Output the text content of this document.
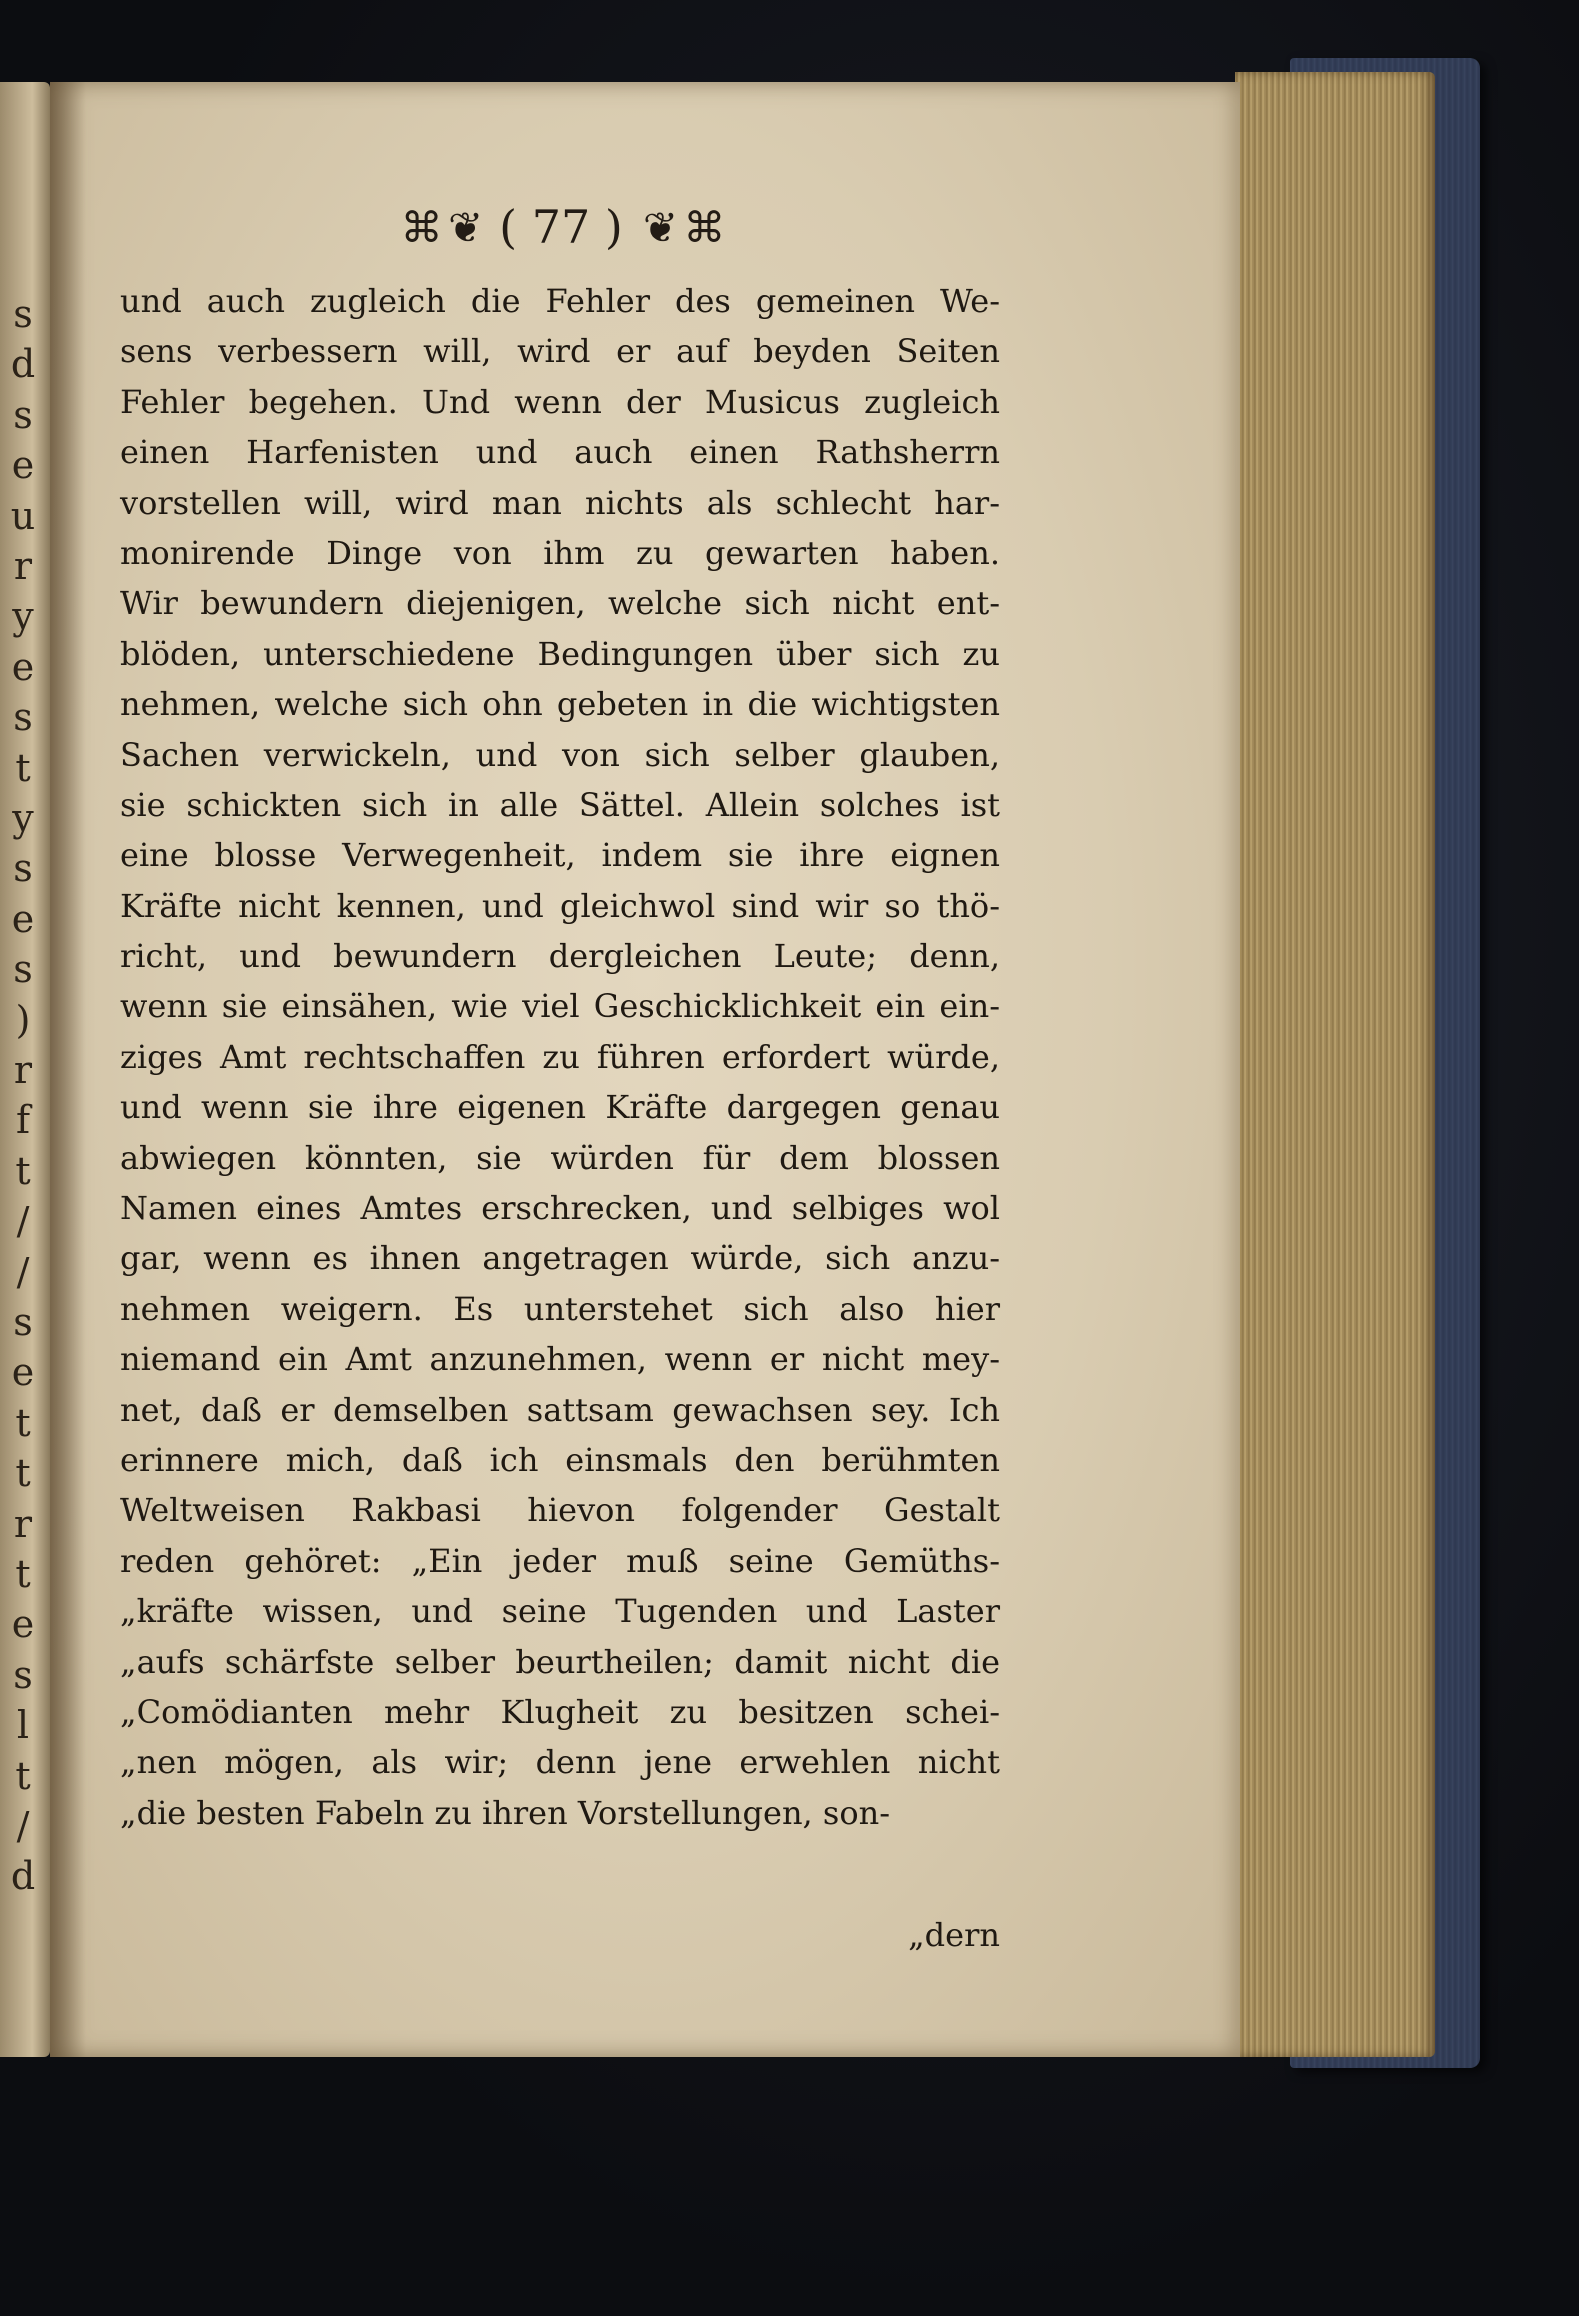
s
d
s
e
u
r
y
e
s
t
y
s
e
s
)
r
f
t
/
/
s
e
t
t
r
t
e
s
l
t
/
d
⌘ ❦ ( 77 ) ❦ ⌘
und auch zugleich die Fehler des gemeinen We-
sens verbessern will, wird er auf beyden Seiten
Fehler begehen. Und wenn der Musicus zugleich
einen Harfenisten und auch einen Rathsherrn
vorstellen will, wird man nichts als schlecht har-
monirende Dinge von ihm zu gewarten haben.
Wir bewundern diejenigen, welche sich nicht ent-
blöden, unterschiedene Bedingungen über sich zu
nehmen, welche sich ohn gebeten in die wichtigsten
Sachen verwickeln, und von sich selber glauben,
sie schickten sich in alle Sättel. Allein solches ist
eine blosse Verwegenheit, indem sie ihre eignen
Kräfte nicht kennen, und gleichwol sind wir so thö-
richt, und bewundern dergleichen Leute; denn,
wenn sie einsähen, wie viel Geschicklichkeit ein ein-
ziges Amt rechtschaffen zu führen erfordert würde,
und wenn sie ihre eigenen Kräfte dargegen genau
abwiegen könnten, sie würden für dem blossen
Namen eines Amtes erschrecken, und selbiges wol
gar, wenn es ihnen angetragen würde, sich anzu-
nehmen weigern. Es unterstehet sich also hier
niemand ein Amt anzunehmen, wenn er nicht mey-
net, daß er demselben sattsam gewachsen sey. Ich
erinnere mich, daß ich einsmals den berühmten
Weltweisen Rakbasi hievon folgender Gestalt
reden gehöret: „Ein jeder muß seine Gemüths-
„kräfte wissen, und seine Tugenden und Laster
„aufs schärfste selber beurtheilen; damit nicht die
„Comödianten mehr Klugheit zu besitzen schei-
„nen mögen, als wir; denn jene erwehlen nicht
„die besten Fabeln zu ihren Vorstellungen, son-
„dern
